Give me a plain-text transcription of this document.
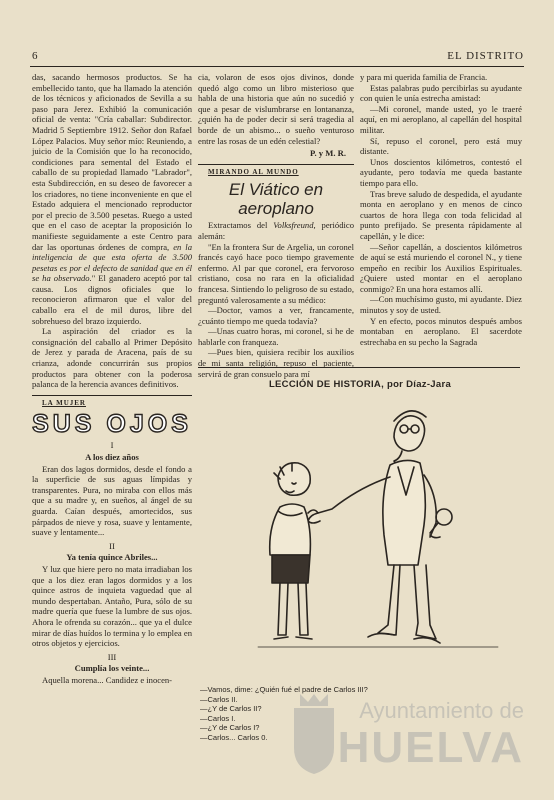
6	EL DISTRITO

das, sacando hermosos productos. Se ha embellecido tanto, que ha llamado la atención de los técnicos y aficionados de Sevilla a su paso para Jerez. Exhibió la comunicación oficial de venta: "Cría caballar: Subdirector. Madrid 5 Septiembre 1912. Señor don Rafael López Palacios. Muy señor mío: Reuniendo, a juicio de la Comisión que lo ha reconocido, condiciones para semental del Estado el caballo de su propiedad llamado "Labrador", esta Subdirección, en su deseo de favorecer a los criadores, no tiene inconveniente en que el Estado adquiera el mencionado reproductor por el precio de 3.500 pesetas. Ruego a usted que en el caso de aceptar la proposición lo manifieste seguidamente a este Centro para dar las oportunas órdenes de compra, en la inteligencia de que esta oferta de 3.500 pesetas es por el defecto de sanidad que en él se ha observado." El ganadero aceptó por tal causa. Los dignos oficiales que lo reconocieron afirmaron que el valor del caballo era el de mil duros, libre del sobrehueso del brazo izquierdo.

La aspiración del criador es la consignación del caballo al Primer Depósito de Jerez y parada de Aracena, país de su crianza, adonde concurrirán sus propios productos para obtener con la poderosa palanca de la herencia avances definitivos.

LA MUJER

SUS OJOS

I

A los diez años

Eran dos lagos dormidos, desde el fondo a la superficie de sus aguas límpidas y transparentes. Pura, no miraba con ellos más que a su madre y, en sueños, al ángel de su guarda. Caían después, amortecidos, sus párpados de nieve y rosa, suave y lentamente, suave y lentamente...

II

Ya tenía quince Abriles...

Y luz que hiere pero no mata irradiaban los que a los diez eran lagos dormidos y a los quince astros de inquieta vaguedad que al mundo despertaban. Antaño, Pura, sólo de su madre quería que fuese la lumbre de sus ojos. Ahora le ofrenda su corazón... que ya el dulce mirar de días huídos lo termina y lo emplea en otros objetos y ejercicios.

III

Cumplía los veinte...

Aquella morena... Candidez e inocen-

cia, volaron de esos ojos divinos, donde quedó algo como un libro misterioso que habla de una historia que aún no sucedió y que a pesar de vislumbrarse en lontananza, ¿quién ha de poder decir si será tragedia al borde de un abismo... o sueño venturoso entre las rosas de un edén celestial?

P. y M. R.

MIRANDO AL MUNDO

El Viático en aeroplano

Extractamos del Volksfreund, periódico alemán:

"En la frontera Sur de Argelia, un coronel francés cayó hace poco tiempo gravemente enfermo. Al par que coronel, era fervoroso cristiano, cosa no rara en la oficialidad francesa. Sintiendo lo peligroso de su estado, preguntó valerosamente a su médico:

—Doctor, vamos a ver, francamente, ¿cuánto tiempo me queda todavía?

—Unas cuatro horas, mi coronel, si he de hablarle con franqueza.

—Pues bien, quisiera recibir los auxilios de mi santa religión, repuso el paciente, servirá de gran consuelo para mí

y para mi querida familia de Francia.

Estas palabras pudo percibirlas su ayudante con quien le unía estrecha amistad:

—Mi coronel, mande usted, yo le traeré aquí, en mi aeroplano, al capellán del hospital militar.

Sí, repuso el coronel, pero está muy distante.

Unos doscientos kilómetros, contestó el ayudante, pero todavía me queda bastante tiempo para ello.

Tras breve saludo de despedida, el ayudante monta en aeroplano y en menos de cinco cuartos de hora llega con toda felicidad al punto prefijado. Se presenta rápidamente al capellán, y le dice:

—Señor capellán, a doscientos kilómetros de aquí se está muriendo el coronel N., y tiene empeño en recibir los Auxilios Espirituales. ¿Quiere usted montar en el aeroplano conmigo? En una hora estamos allí.

—Con muchísimo gusto, mi ayudante. Diez minutos y soy de usted.

Y en efecto, pocos minutos después ambos montaban en aeroplano. El sacerdote estrechaba en su pecho la Sagrada

LECCIÓN DE HISTORIA, por Díaz-Jara
—Vamos, dime: ¿Quién fué el padre de Carlos III?
—Carlos II.
—¿Y de Carlos II?
—Carlos I.
—¿Y de Carlos I?
—Carlos... Carlos 0.
Ayuntamiento de
HUELVA
